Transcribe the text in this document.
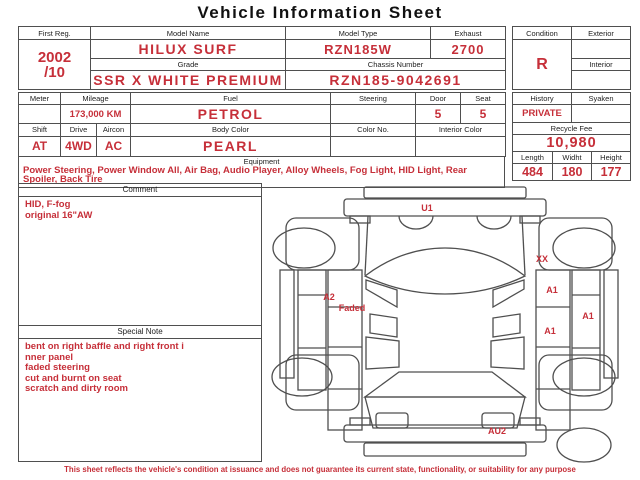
Vehicle Information Sheet
First Reg.	Model Name	Model Type	Exhaust

2002
/10	HILUX SURF	RZN185W	2700
	Grade	Chassis Number	
	SSR X WHITE PREMIUM	RZN185-9042691	
Condition	Exterior
R	
	Interior

Meter	Mileage	Fuel	Steering	Door	Seat
	173,000 KM	PETROL		5	5
Shift	Drive	Aircon	Body Color	Color No.	Interior Color
AT	4WD	AC	PEARL		
Equipment
Power Steering, Power Window All, Air Bag, Audio Player, Alloy Wheels, Fog Light, HID Light, Rear Spoiler, Back Tire
History	Syaken
PRIVATE	
Recycle Fee	
10,980	
Length	Widht	Height
484	180	177
Comment
HID, F-fog
original 16"AW
Special Note
bent on right baffle and right front i
nner panel
faded steering
cut and burnt on seat
scratch and dirty room
U1
XX
A2
Faded
A1
A1
A1
AU2
This sheet reflects the vehicle's condition at issuance and does not guarantee its current state, functionality, or suitability for any purpose
